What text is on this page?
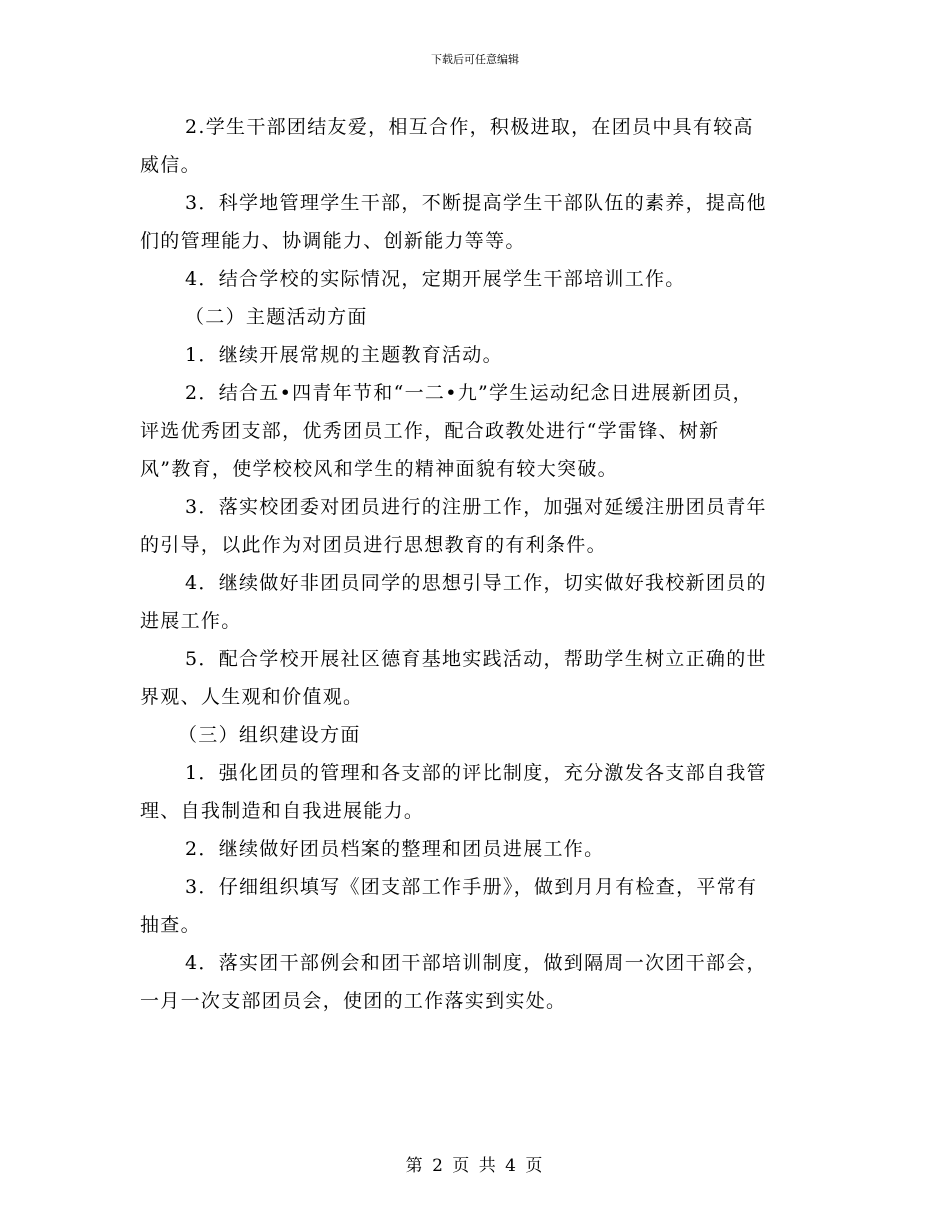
下载后可任意编辑
2.学生干部团结友爱，相互合作，积极进取，在团员中具有较高
威信。
3．科学地管理学生干部，不断提高学生干部队伍的素养，提高他
们的管理能力、协调能力、创新能力等等。
4．结合学校的实际情况，定期开展学生干部培训工作。
（二）主题活动方面
1．继续开展常规的主题教育活动。
2．结合五•四青年节和“一二•九”学生运动纪念日进展新团员，
评选优秀团支部，优秀团员工作，配合政教处进行“学雷锋、树新
风”教育，使学校校风和学生的精神面貌有较大突破。
3．落实校团委对团员进行的注册工作，加强对延缓注册团员青年
的引导，以此作为对团员进行思想教育的有利条件。
4．继续做好非团员同学的思想引导工作，切实做好我校新团员的
进展工作。
5．配合学校开展社区德育基地实践活动，帮助学生树立正确的世
界观、人生观和价值观。
（三）组织建设方面
1．强化团员的管理和各支部的评比制度，充分激发各支部自我管
理、自我制造和自我进展能力。
2．继续做好团员档案的整理和团员进展工作。
3．仔细组织填写《团支部工作手册》，做到月月有检查，平常有
抽查。
4．落实团干部例会和团干部培训制度，做到隔周一次团干部会，
一月一次支部团员会，使团的工作落实到实处。
第 2 页 共 4 页
